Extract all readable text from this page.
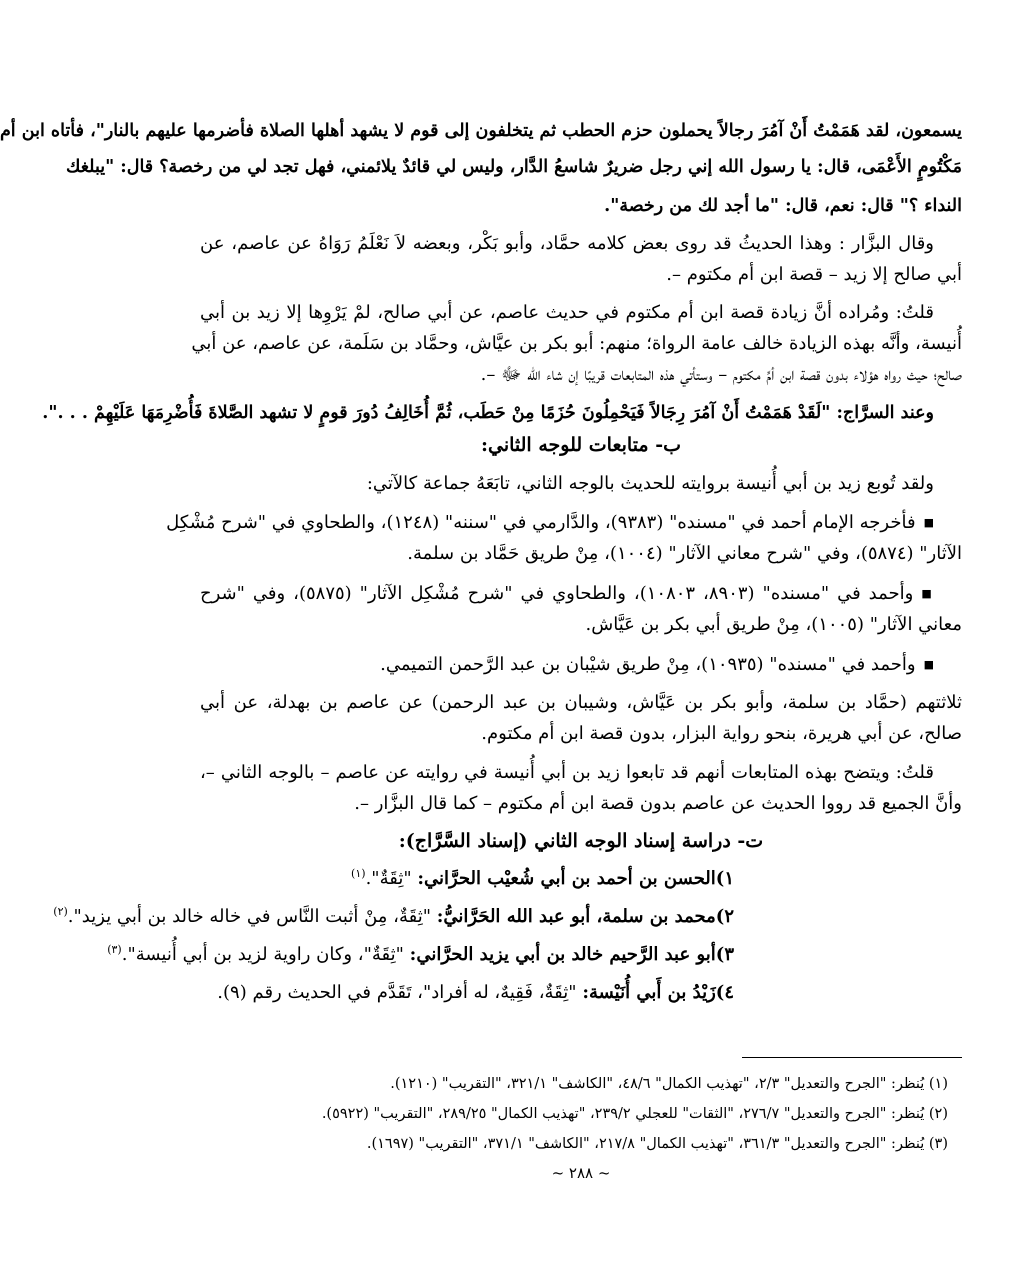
يسمعون، لقد هَمَمْتُ أَنْ آمُرَ رجالاً يحملون حزم الحطب ثم يتخلفون إلى قوم لا يشهد أهلها الصلاة فأضرمها عليهم بالنار"، فأتاه ابن أم
مَكْتُومٍ الأَعْمَى، قال: يا رسول الله إني رجل ضريرٌ شاسعُ الدَّار، وليس لي قائدٌ يلائمني، فهل تجد لي من رخصة؟ قال: "يبلغك
النداء ؟" قال: نعم، قال: "ما أجد لك من رخصة".
وقال البزَّار : وهذا الحديثُ قد روى بعض كلامه حمَّاد، وأبو بَكْر، وبعضه لاَ نَعْلَمُ رَوَاهُ عن عاصم، عن
أبي صالح إلا زيد – قصة ابن أم مكتوم –.
قلتُ: ومُراده أنَّ زيادة قصة ابن أم مكتوم في حديث عاصم، عن أبي صالح، لمْ يَرْوِها إلا زيد بن أبي
أُنيسة، وأنَّه بهذه الزيادة خالف عامة الرواة؛ منهم: أبو بكر بن عيَّاش، وحمَّاد بن سَلَمة، عن عاصم، عن أبي
صالح؛ حيث رواه هؤلاء بدون قصة ابن أمِّ مكتوم – وستأتي هذه المتابعات قريبًا إن شاء الله ﷻ –.
وعند السرَّاج: "لَقَدْ هَمَمْتُ أَنْ آمُرَ رِجَالاً فَيَحْمِلُونَ حُزَمًا مِنْ حَطَب، ثُمَّ أُخَالِفُ دُورَ قومٍ لا تشهد الصَّلاةَ فَأُضْرِمَهَا عَلَيْهِمْ . . .".
ب- متابعات للوجه الثاني:
ولقد تُوبع زيد بن أبي أُنيسة بروايته للحديث بالوجه الثاني، تابَعَهُ جماعة كالآتي:
■فأخرجه الإمام أحمد في "مسنده" (٩٣٨٣)، والدَّارمي في "سننه" (١٢٤٨)، والطحاوي في "شرح مُشْكِل
الآثار" (٥٨٧٤)، وفي "شرح معاني الآثار" (١٠٠٤)، مِنْ طريق حَمَّاد بن سلمة.
■وأحمد في "مسنده" (٨٩٠٣، ١٠٨٠٣)، والطحاوي في "شرح مُشْكِل الآثار" (٥٨٧٥)، وفي "شرح
معاني الآثار" (١٠٠٥)، مِنْ طريق أبي بكر بن عَيَّاش.
■وأحمد في "مسنده" (١٠٩٣٥)، مِنْ طريق شيْبان بن عبد الرَّحمن التميمي.
ثلاثتهم (حمَّاد بن سلمة، وأبو بكر بن عَيَّاش، وشيبان بن عبد الرحمن) عن عاصم بن بهدلة، عن أبي
صالح، عن أبي هريرة، بنحو رواية البزار، بدون قصة ابن أم مكتوم.
قلتُ: ويتضح بهذه المتابعات أنهم قد تابعوا زيد بن أبي أُنيسة في روايته عن عاصم – بالوجه الثاني –،
وأنَّ الجميع قد رووا الحديث عن عاصم بدون قصة ابن أم مكتوم – كما قال البزَّار –.
ت- دراسة إسناد الوجه الثاني (إسناد السَّرَّاج):
١)الحسن بن أحمد بن أبي شُعيْب الحرَّاني: "ثِقَةٌ".$^{(١)}$
٢)محمد بن سلمة، أبو عبد الله الحَرَّانيُّ: "ثِقَةٌ، مِنْ أثبت النَّاس في خاله خالد بن أبي يزيد".$^{(٢)}$
٣)أبو عبد الرَّحيم خالد بن أبي يزيد الحرَّاني: "ثِقَةٌ"، وكان راوية لزيد بن أبي أُنيسة".$^{(٣)}$
٤)زَيْدُ بن أَبي أُنَيْسة: "ثِقَةٌ، فَقِيهٌ، له أفراد"، تَقَدَّم في الحديث رقم (٩).
(١) يُنظر: "الجرح والتعديل" ٢/٣، "تهذيب الكمال" ٤٨/٦، "الكاشف" ٣٢١/١، "التقريب" (١٢١٠).
(٢) يُنظر: "الجرح والتعديل" ٢٧٦/٧، "الثقات" للعجلي ٢٣٩/٢، "تهذيب الكمال" ٢٨٩/٢٥، "التقريب" (٥٩٢٢).
(٣) يُنظر: "الجرح والتعديل" ٣٦١/٣، "تهذيب الكمال" ٢١٧/٨، "الكاشف" ٣٧١/١، "التقريب" (١٦٩٧).
~ ٢٨٨ ~
